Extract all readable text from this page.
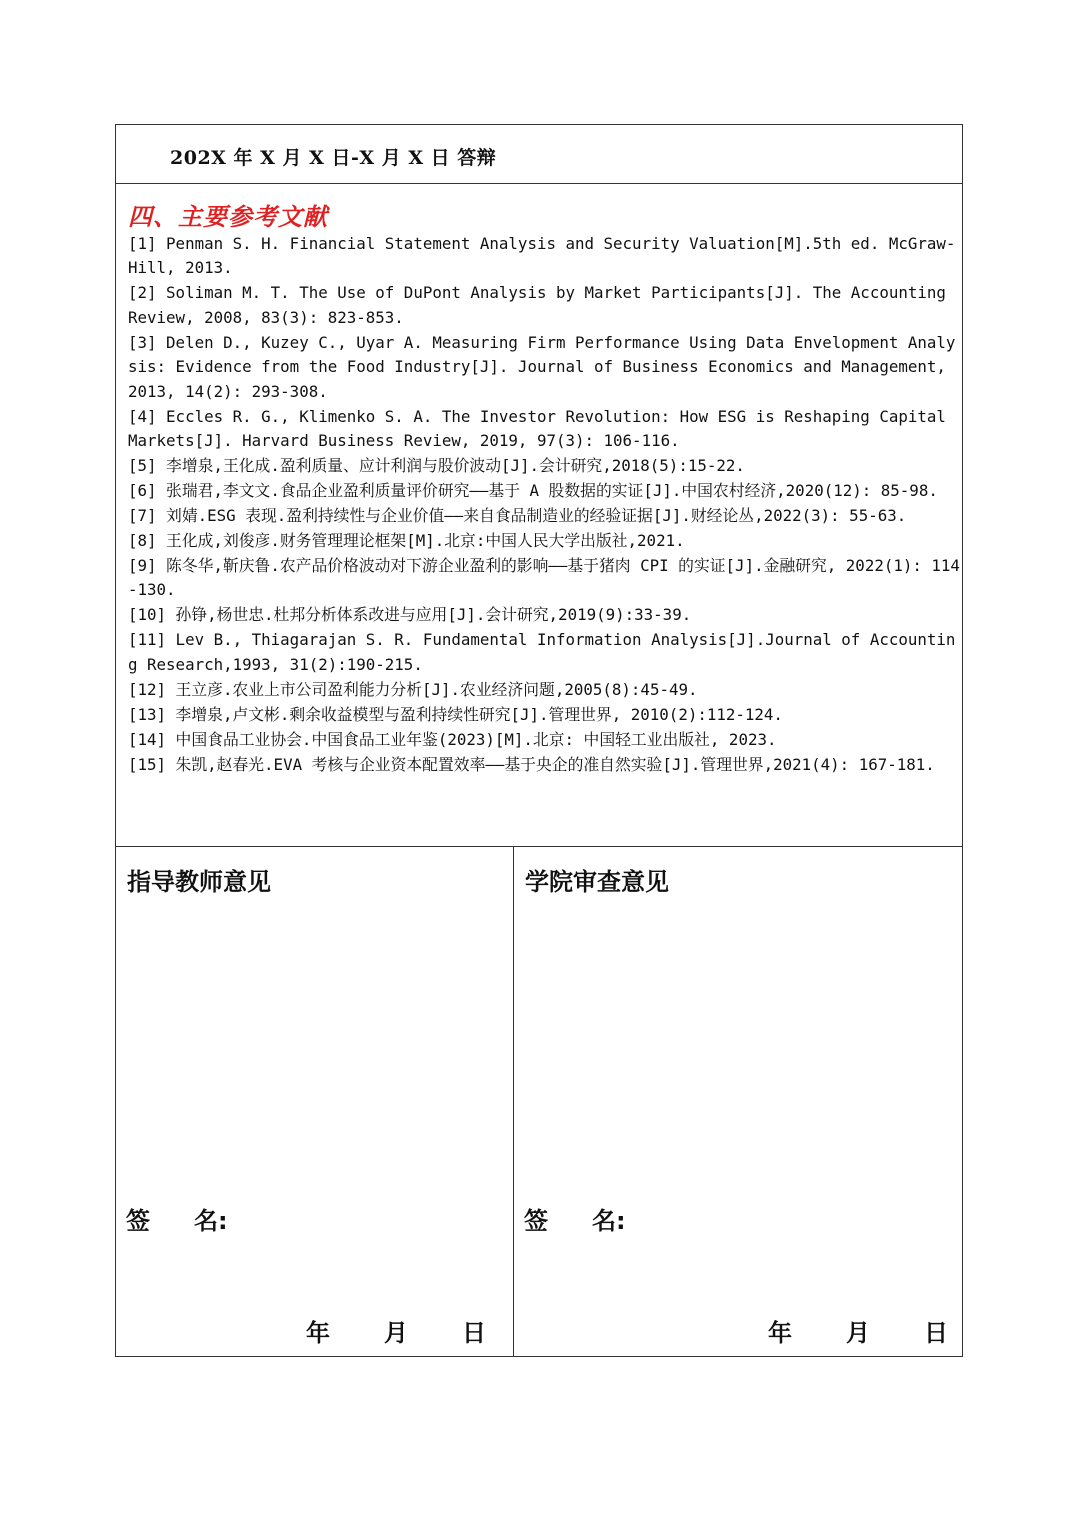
202X 年 X 月 X 日-X 月 X 日 答辩
四、主要参考文献
[1] Penman S. H. Financial Statement Analysis and Security Valuation[M].5th ed. McGraw-Hill, 2013.
[2] Soliman M. T. The Use of DuPont Analysis by Market Participants[J]. The Accounting Review, 2008, 83(3): 823-853.
[3] Delen D., Kuzey C., Uyar A. Measuring Firm Performance Using Data Envelopment Analysis: Evidence from the Food Industry[J]. Journal of Business Economics and Management, 2013, 14(2): 293-308.
[4] Eccles R. G., Klimenko S. A. The Investor Revolution: How ESG is Reshaping Capital Markets[J]. Harvard Business Review, 2019, 97(3): 106-116.
[5] 李增泉,王化成.盈利质量、应计利润与股价波动[J].会计研究,2018(5):15-22.
[6] 张瑞君,李文文.食品企业盈利质量评价研究——基于 A 股数据的实证[J].中国农村经济,2020(12): 85-98.
[7] 刘婧.ESG 表现.盈利持续性与企业价值——来自食品制造业的经验证据[J].财经论丛,2022(3): 55-63.
[8] 王化成,刘俊彦.财务管理理论框架[M].北京:中国人民大学出版社,2021.
[9] 陈冬华,靳庆鲁.农产品价格波动对下游企业盈利的影响——基于猪肉 CPI 的实证[J].金融研究, 2022(1): 114-130.
[10] 孙铮,杨世忠.杜邦分析体系改进与应用[J].会计研究,2019(9):33-39.
[11] Lev B., Thiagarajan S. R. Fundamental Information Analysis[J].Journal of Accounting Research,1993, 31(2):190-215.
[12] 王立彦.农业上市公司盈利能力分析[J].农业经济问题,2005(8):45-49.
[13] 李增泉,卢文彬.剩余收益模型与盈利持续性研究[J].管理世界, 2010(2):112-124.
[14] 中国食品工业协会.中国食品工业年鉴(2023)[M].北京: 中国轻工业出版社, 2023.
[15] 朱凯,赵春光.EVA 考核与企业资本配置效率——基于央企的准自然实验[J].管理世界,2021(4): 167-181.
指导教师意见
签 名:
年 月 日
学院审查意见
签 名:
年 月 日
